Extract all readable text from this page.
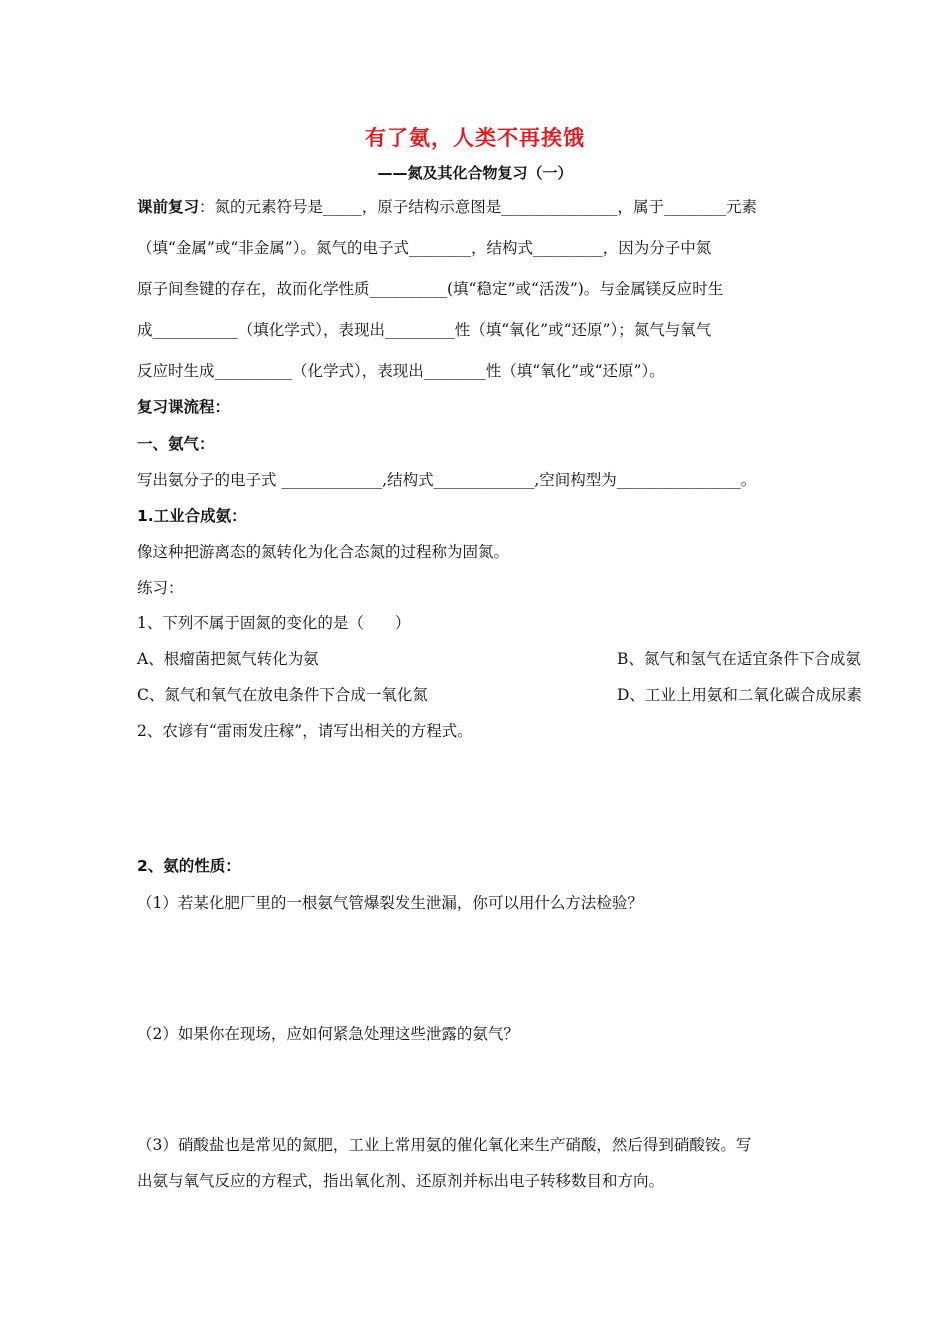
有了氨，人类不再挨饿
——氮及其化合物复习（一）
课前复习：氮的元素符号是_____，原子结构示意图是_______________，属于________元素
（填“金属”或“非金属”）。氮气的电子式________，结构式_________，因为分子中氮
原子间叁键的存在，故而化学性质__________(填“稳定”或“活泼”)。与金属镁反应时生
成___________（填化学式），表现出_________性（填“氧化”或“还原”）；氮气与氧气
反应时生成__________（化学式），表现出________性（填“氧化”或“还原”）。
复习课流程：
一、氨气：
写出氨分子的电子式 _____________,结构式_____________,空间构型为________________。
1.工业合成氨：
像这种把游离态的氮转化为化合态氮的过程称为固氮。
练习：
1、下列不属于固氮的变化的是（　　）
A、根瘤菌把氮气转化为氨	B、氮气和氢气在适宜条件下合成氨
C、氮气和氧气在放电条件下合成一氧化氮	D、工业上用氨和二氧化碳合成尿素
2、农谚有“雷雨发庄稼”，请写出相关的方程式。
2、氨的性质：
（1）若某化肥厂里的一根氨气管爆裂发生泄漏，你可以用什么方法检验？
（2）如果你在现场，应如何紧急处理这些泄露的氨气？
（3）硝酸盐也是常见的氮肥，工业上常用氨的催化氧化来生产硝酸，然后得到硝酸铵。写
出氨与氧气反应的方程式，指出氧化剂、还原剂并标出电子转移数目和方向。
